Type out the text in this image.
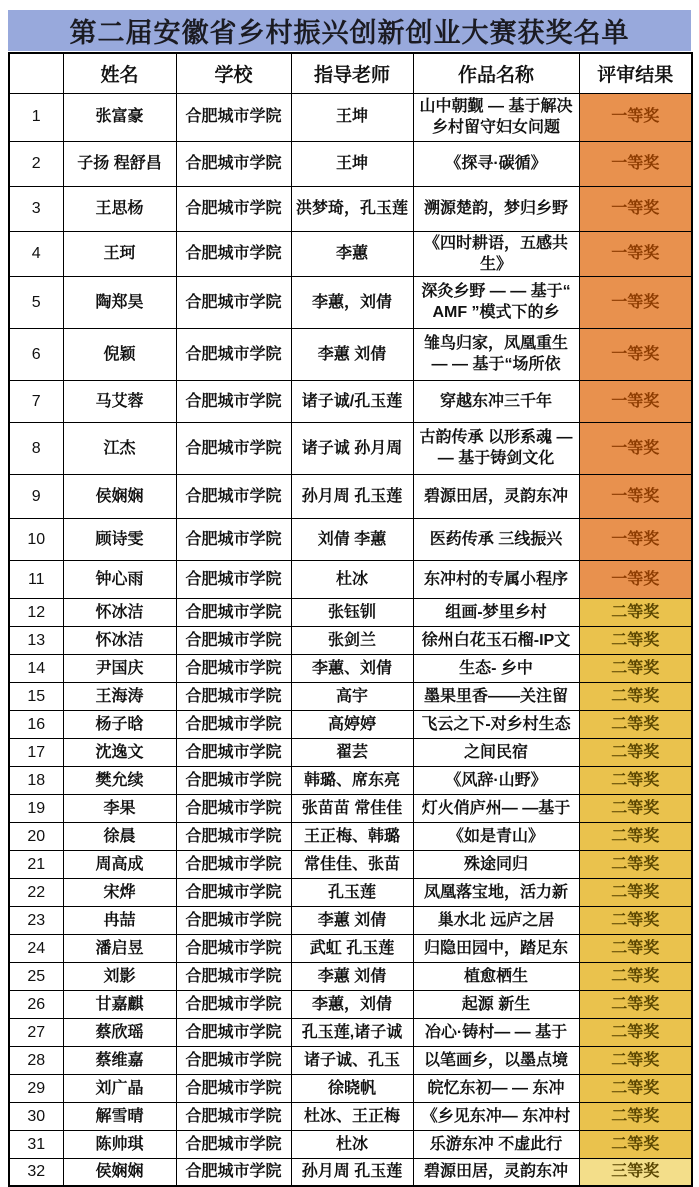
第二届安徽省乡村振兴创新创业大赛获奖名单
	姓名	学校	指导老师	作品名称	评审结果
1	张富豪	合肥城市学院	王坤	山中朝觐 — 基于解决乡村留守妇女问题	一等奖
2	子扬 程舒昌	合肥城市学院	王坤	《探寻·碳循》	一等奖
3	王思杨	合肥城市学院	洪梦琦，孔玉莲	溯源楚韵，梦归乡野	一等奖
4	王珂	合肥城市学院	李蕙	《四时耕语，五感共生》	一等奖
5	陶郑昊	合肥城市学院	李蕙，刘倩	深灸乡野 — — 基于“ AMF ”模式下的乡	一等奖
6	倪颖	合肥城市学院	李蕙 刘倩	雏鸟归家，凤凰重生 — — 基于“场所依	一等奖
7	马艾蓉	合肥城市学院	诸子诚/孔玉莲	穿越东冲三千年	一等奖
8	江杰	合肥城市学院	诸子诚 孙月周	古韵传承 以形系魂 — — 基于铸剑文化	一等奖
9	侯娴娴	合肥城市学院	孙月周 孔玉莲	碧源田居，灵韵东冲	一等奖
10	顾诗雯	合肥城市学院	刘倩 李蕙	医药传承 三线振兴	一等奖
11	钟心雨	合肥城市学院	杜冰	东冲村的专属小程序	一等奖
12	怀冰洁	合肥城市学院	张钰钏	组画-梦里乡村	二等奖
13	怀冰洁	合肥城市学院	张剑兰	徐州白花玉石榴-IP文	二等奖
14	尹国庆	合肥城市学院	李蕙、刘倩	生态- 乡中	二等奖
15	王海涛	合肥城市学院	高宇	墨果里香——关注留	二等奖
16	杨子晗	合肥城市学院	高婷婷	飞云之下-对乡村生态	二等奖
17	沈逸文	合肥城市学院	翟芸	之间民宿	二等奖
18	樊允续	合肥城市学院	韩璐、席东亮	《风辞·山野》	二等奖
19	李果	合肥城市学院	张苗苗 常佳佳	灯火俏庐州— —基于	二等奖
20	徐晨	合肥城市学院	王正梅、韩璐	《如是青山》	二等奖
21	周高成	合肥城市学院	常佳佳、张苗	殊途同归	二等奖
22	宋烨	合肥城市学院	孔玉莲	凤凰落宝地，活力新	二等奖
23	冉喆	合肥城市学院	李蕙 刘倩	巢水北 远庐之居	二等奖
24	潘启昱	合肥城市学院	武虹 孔玉莲	归隐田园中，踏足东	二等奖
25	刘影	合肥城市学院	李蕙 刘倩	植愈栖生	二等奖
26	甘嘉麒	合肥城市学院	李蕙，刘倩	起源 新生	二等奖
27	蔡欣瑶	合肥城市学院	孔玉莲,诸子诚	冶心·铸村— — 基于	二等奖
28	蔡维嘉	合肥城市学院	诸子诚、孔玉	以笔画乡，以墨点境	二等奖
29	刘广晶	合肥城市学院	徐晓帆	皖忆东初— — 东冲	二等奖
30	解雪晴	合肥城市学院	杜冰、王正梅	《乡见东冲— 东冲村	二等奖
31	陈帅琪	合肥城市学院	杜冰	乐游东冲 不虚此行	二等奖
32	侯娴娴	合肥城市学院	孙月周 孔玉莲	碧源田居，灵韵东冲	三等奖
